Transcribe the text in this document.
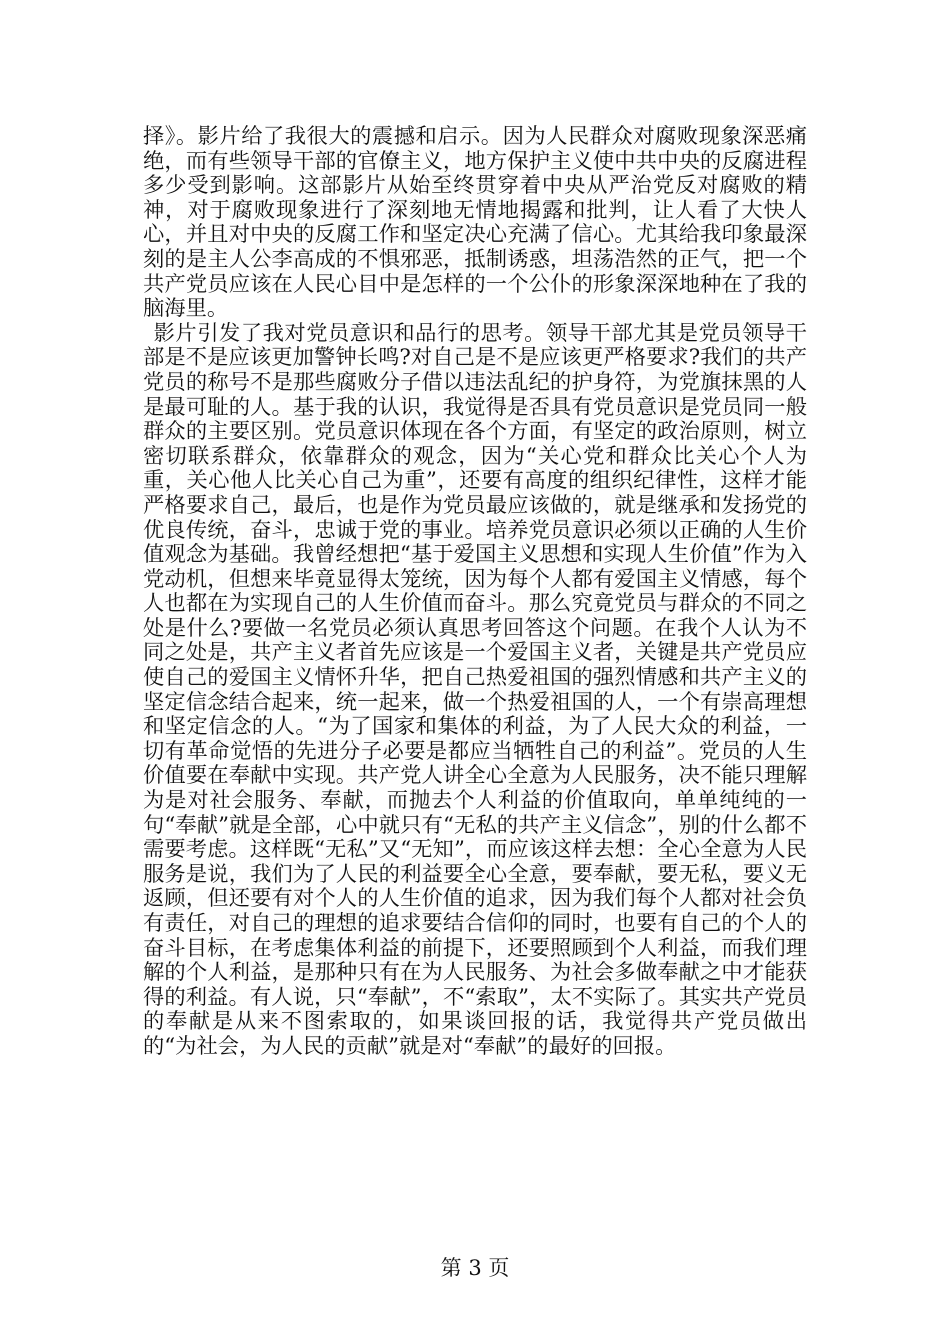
择》。影片给了我很大的震撼和启示。因为人民群众对腐败现象深恶痛绝，而有些领导干部的官僚主义，地方保护主义使中共中央的反腐进程多少受到影响。这部影片从始至终贯穿着中央从严治党反对腐败的精神，对于腐败现象进行了深刻地无情地揭露和批判，让人看了大快人心，并且对中央的反腐工作和坚定决心充满了信心。尤其给我印象最深刻的是主人公李高成的不惧邪恶，抵制诱惑，坦荡浩然的正气，把一个共产党员应该在人民心目中是怎样的一个公仆的形象深深地种在了我的脑海里。

影片引发了我对党员意识和品行的思考。领导干部尤其是党员领导干部是不是应该更加警钟长鸣?对自己是不是应该更严格要求?我们的共产党员的称号不是那些腐败分子借以违法乱纪的护身符，为党旗抹黑的人是最可耻的人。基于我的认识，我觉得是否具有党员意识是党员同一般群众的主要区别。党员意识体现在各个方面，有坚定的政治原则，树立密切联系群众，依靠群众的观念，因为“关心党和群众比关心个人为重，关心他人比关心自己为重”，还要有高度的组织纪律性，这样才能严格要求自己，最后，也是作为党员最应该做的，就是继承和发扬党的优良传统，奋斗，忠诚于党的事业。培养党员意识必须以正确的人生价值观念为基础。我曾经想把“基于爱国主义思想和实现人生价值”作为入党动机，但想来毕竟显得太笼统，因为每个人都有爱国主义情感，每个人也都在为实现自己的人生价值而奋斗。那么究竟党员与群众的不同之处是什么?要做一名党员必须认真思考回答这个问题。在我个人认为不同之处是，共产主义者首先应该是一个爱国主义者，关键是共产党员应使自己的爱国主义情怀升华，把自己热爱祖国的强烈情感和共产主义的坚定信念结合起来，统一起来，做一个热爱祖国的人，一个有崇高理想和坚定信念的人。“为了国家和集体的利益，为了人民大众的利益，一切有革命觉悟的先进分子必要是都应当牺牲自己的利益”。党员的人生价值要在奉献中实现。共产党人讲全心全意为人民服务，决不能只理解为是对社会服务、奉献，而抛去个人利益的价值取向，单单纯纯的一句“奉献”就是全部，心中就只有“无私的共产主义信念”，别的什么都不需要考虑。这样既“无私”又“无知”，而应该这样去想：全心全意为人民服务是说，我们为了人民的利益要全心全意，要奉献，要无私，要义无返顾，但还要有对个人的人生价值的追求，因为我们每个人都对社会负有责任，对自己的理想的追求要结合信仰的同时，也要有自己的个人的奋斗目标，在考虑集体利益的前提下，还要照顾到个人利益，而我们理解的个人利益，是那种只有在为人民服务、为社会多做奉献之中才能获得的利益。有人说，只“奉献”，不“索取”，太不实际了。其实共产党员的奉献是从来不图索取的，如果谈回报的话，我觉得共产党员做出的“为社会，为人民的贡献”就是对“奉献”的最好的回报。

第 3 页
